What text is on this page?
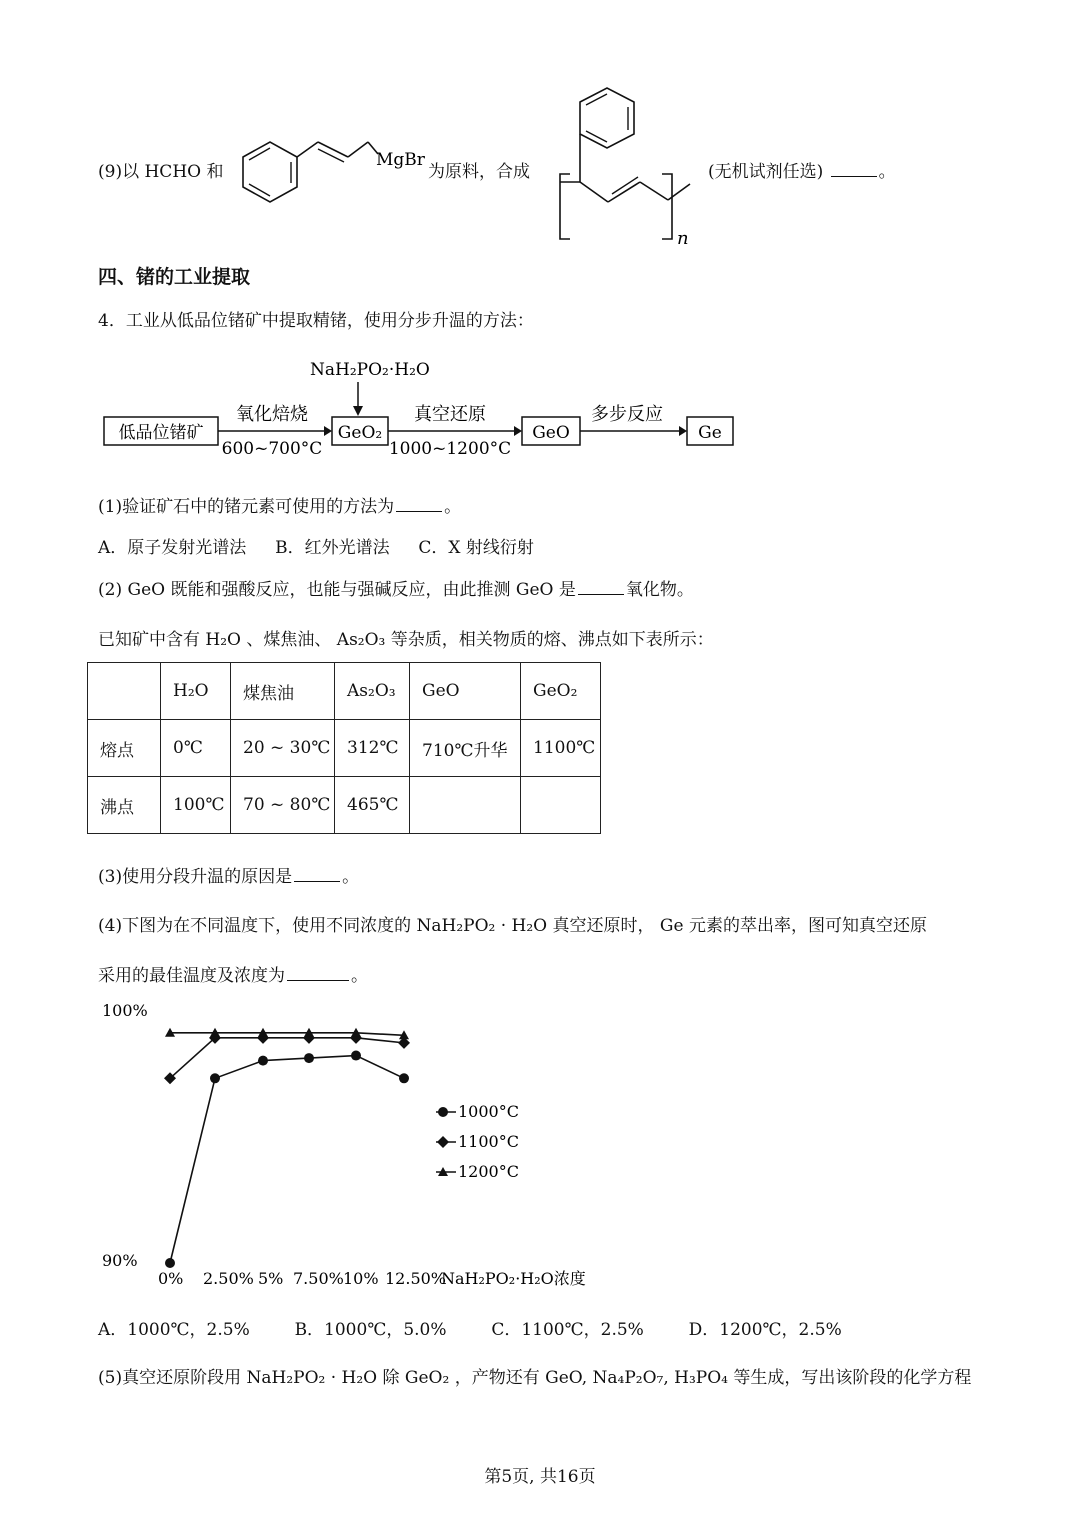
(9)以 HCHO 和
MgBr
为原料，合成
n
(无机试剂任选)	。
四、锗的工业提取
4．工业从低品位锗矿中提取精锗，使用分步升温的方法：
NaH₂PO₂·H₂O
低品位锗矿
氧化焙烧
600~700°C
GeO₂
真空还原
1000~1200°C
GeO
多步反应
Ge
(1)验证矿石中的锗元素可使用的方法为	。
A．原子发射光谱法 B．红外光谱法 C．X 射线衍射
(2) GeO 既能和强酸反应，也能与强碱反应，由此推测 GeO 是	氧化物。
已知矿中含有 H₂O 、煤焦油、 As₂O₃ 等杂质，相关物质的熔、沸点如下表所示：
	H₂O	煤焦油	As₂O₃	GeO	GeO₂
熔点	0℃	20 ~ 30℃	312℃	710℃升华	1100℃
沸点	100℃	70 ~ 80℃	465℃		
(3)使用分段升温的原因是	。
(4)下图为在不同温度下，使用不同浓度的 NaH₂PO₂ · H₂O 真空还原时， Ge 元素的萃出率，图可知真空还原
采用的最佳温度及浓度为	。
100%
90%
0% 2.50% 5% 7.50% 10% 12.50%
NaH₂PO₂·H₂O浓度
1000°C
1100°C
1200°C
A．1000℃，2.5%	B．1000℃，5.0%	C．1100℃，2.5%	D．1200℃，2.5%
(5)真空还原阶段用 NaH₂PO₂ · H₂O 除 GeO₂ ，产物还有 GeO, Na₄P₂O₇, H₃PO₄ 等生成，写出该阶段的化学方程
第5页, 共16页
